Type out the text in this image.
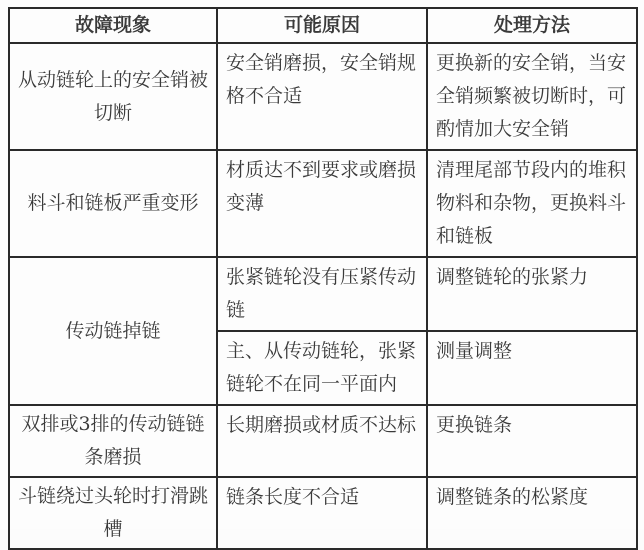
故障现象	可能原因	处理方法
从动链轮上的安全销被切断	安全销磨损，安全销规格不合适	更换新的安全销，当安全销频繁被切断时，可酌情加大安全销
料斗和链板严重变形	材质达不到要求或磨损变薄	清理尾部节段内的堆积物料和杂物，更换料斗和链板
传动链掉链	张紧链轮没有压紧传动链	调整链轮的张紧力
	主、从传动链轮，张紧链轮不在同一平面内	测量调整
双排或3排的传动链链条磨损	长期磨损或材质不达标	更换链条
斗链绕过头轮时打滑跳槽	链条长度不合适	调整链条的松紧度
